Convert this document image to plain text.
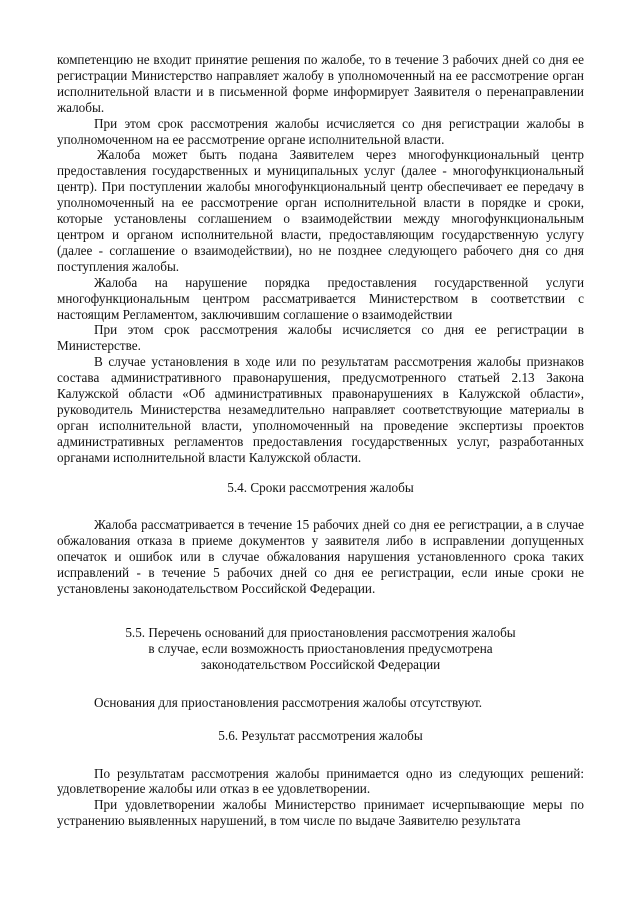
компетенцию не входит принятие решения по жалобе, то в течение 3 рабочих дней со дня ее регистрации Министерство направляет жалобу в уполномоченный на ее рассмотрение орган исполнительной власти и в письменной форме информирует Заявителя о перенаправлении жалобы.

При этом срок рассмотрения жалобы исчисляется со дня регистрации жалобы в уполномоченном на ее рассмотрение органе исполнительной власти.

Жалоба может быть подана Заявителем через многофункциональный центр предоставления государственных и муниципальных услуг (далее - многофункциональный центр). При поступлении жалобы многофункциональный центр обеспечивает ее передачу в уполномоченный на ее рассмотрение орган исполнительной власти в порядке и сроки, которые установлены соглашением о взаимодействии между многофункциональным центром и органом исполнительной власти, предоставляющим государственную услугу (далее - соглашение о взаимодействии), но не позднее следующего рабочего дня со дня поступления жалобы.

Жалоба на нарушение порядка предоставления государственной услуги многофункциональным центром рассматривается Министерством в соответствии с настоящим Регламентом, заключившим соглашение о взаимодействии

При этом срок рассмотрения жалобы исчисляется со дня ее регистрации в Министерстве.

В случае установления в ходе или по результатам рассмотрения жалобы признаков состава административного правонарушения, предусмотренного статьей 2.13 Закона Калужской области «Об административных правонарушениях в Калужской области», руководитель Министерства незамедлительно направляет соответствующие материалы в орган исполнительной власти, уполномоченный на проведение экспертизы проектов административных регламентов предоставления государственных услуг, разработанных органами исполнительной власти Калужской области.

5.4. Сроки рассмотрения жалобы

Жалоба рассматривается в течение 15 рабочих дней со дня ее регистрации, а в случае обжалования отказа в приеме документов у заявителя либо в исправлении допущенных опечаток и ошибок или в случае обжалования нарушения установленного срока таких исправлений - в течение 5 рабочих дней со дня ее регистрации, если иные сроки не установлены законодательством Российской Федерации.

5.5. Перечень оснований для приостановления рассмотрения жалобы

в случае, если возможность приостановления предусмотрена

законодательством Российской Федерации

Основания для приостановления рассмотрения жалобы отсутствуют.

5.6. Результат рассмотрения жалобы

По результатам рассмотрения жалобы принимается одно из следующих решений: удовлетворение жалобы или отказ в ее удовлетворении.

При удовлетворении жалобы Министерство принимает исчерпывающие меры по устранению выявленных нарушений, в том числе по выдаче Заявителю результата
